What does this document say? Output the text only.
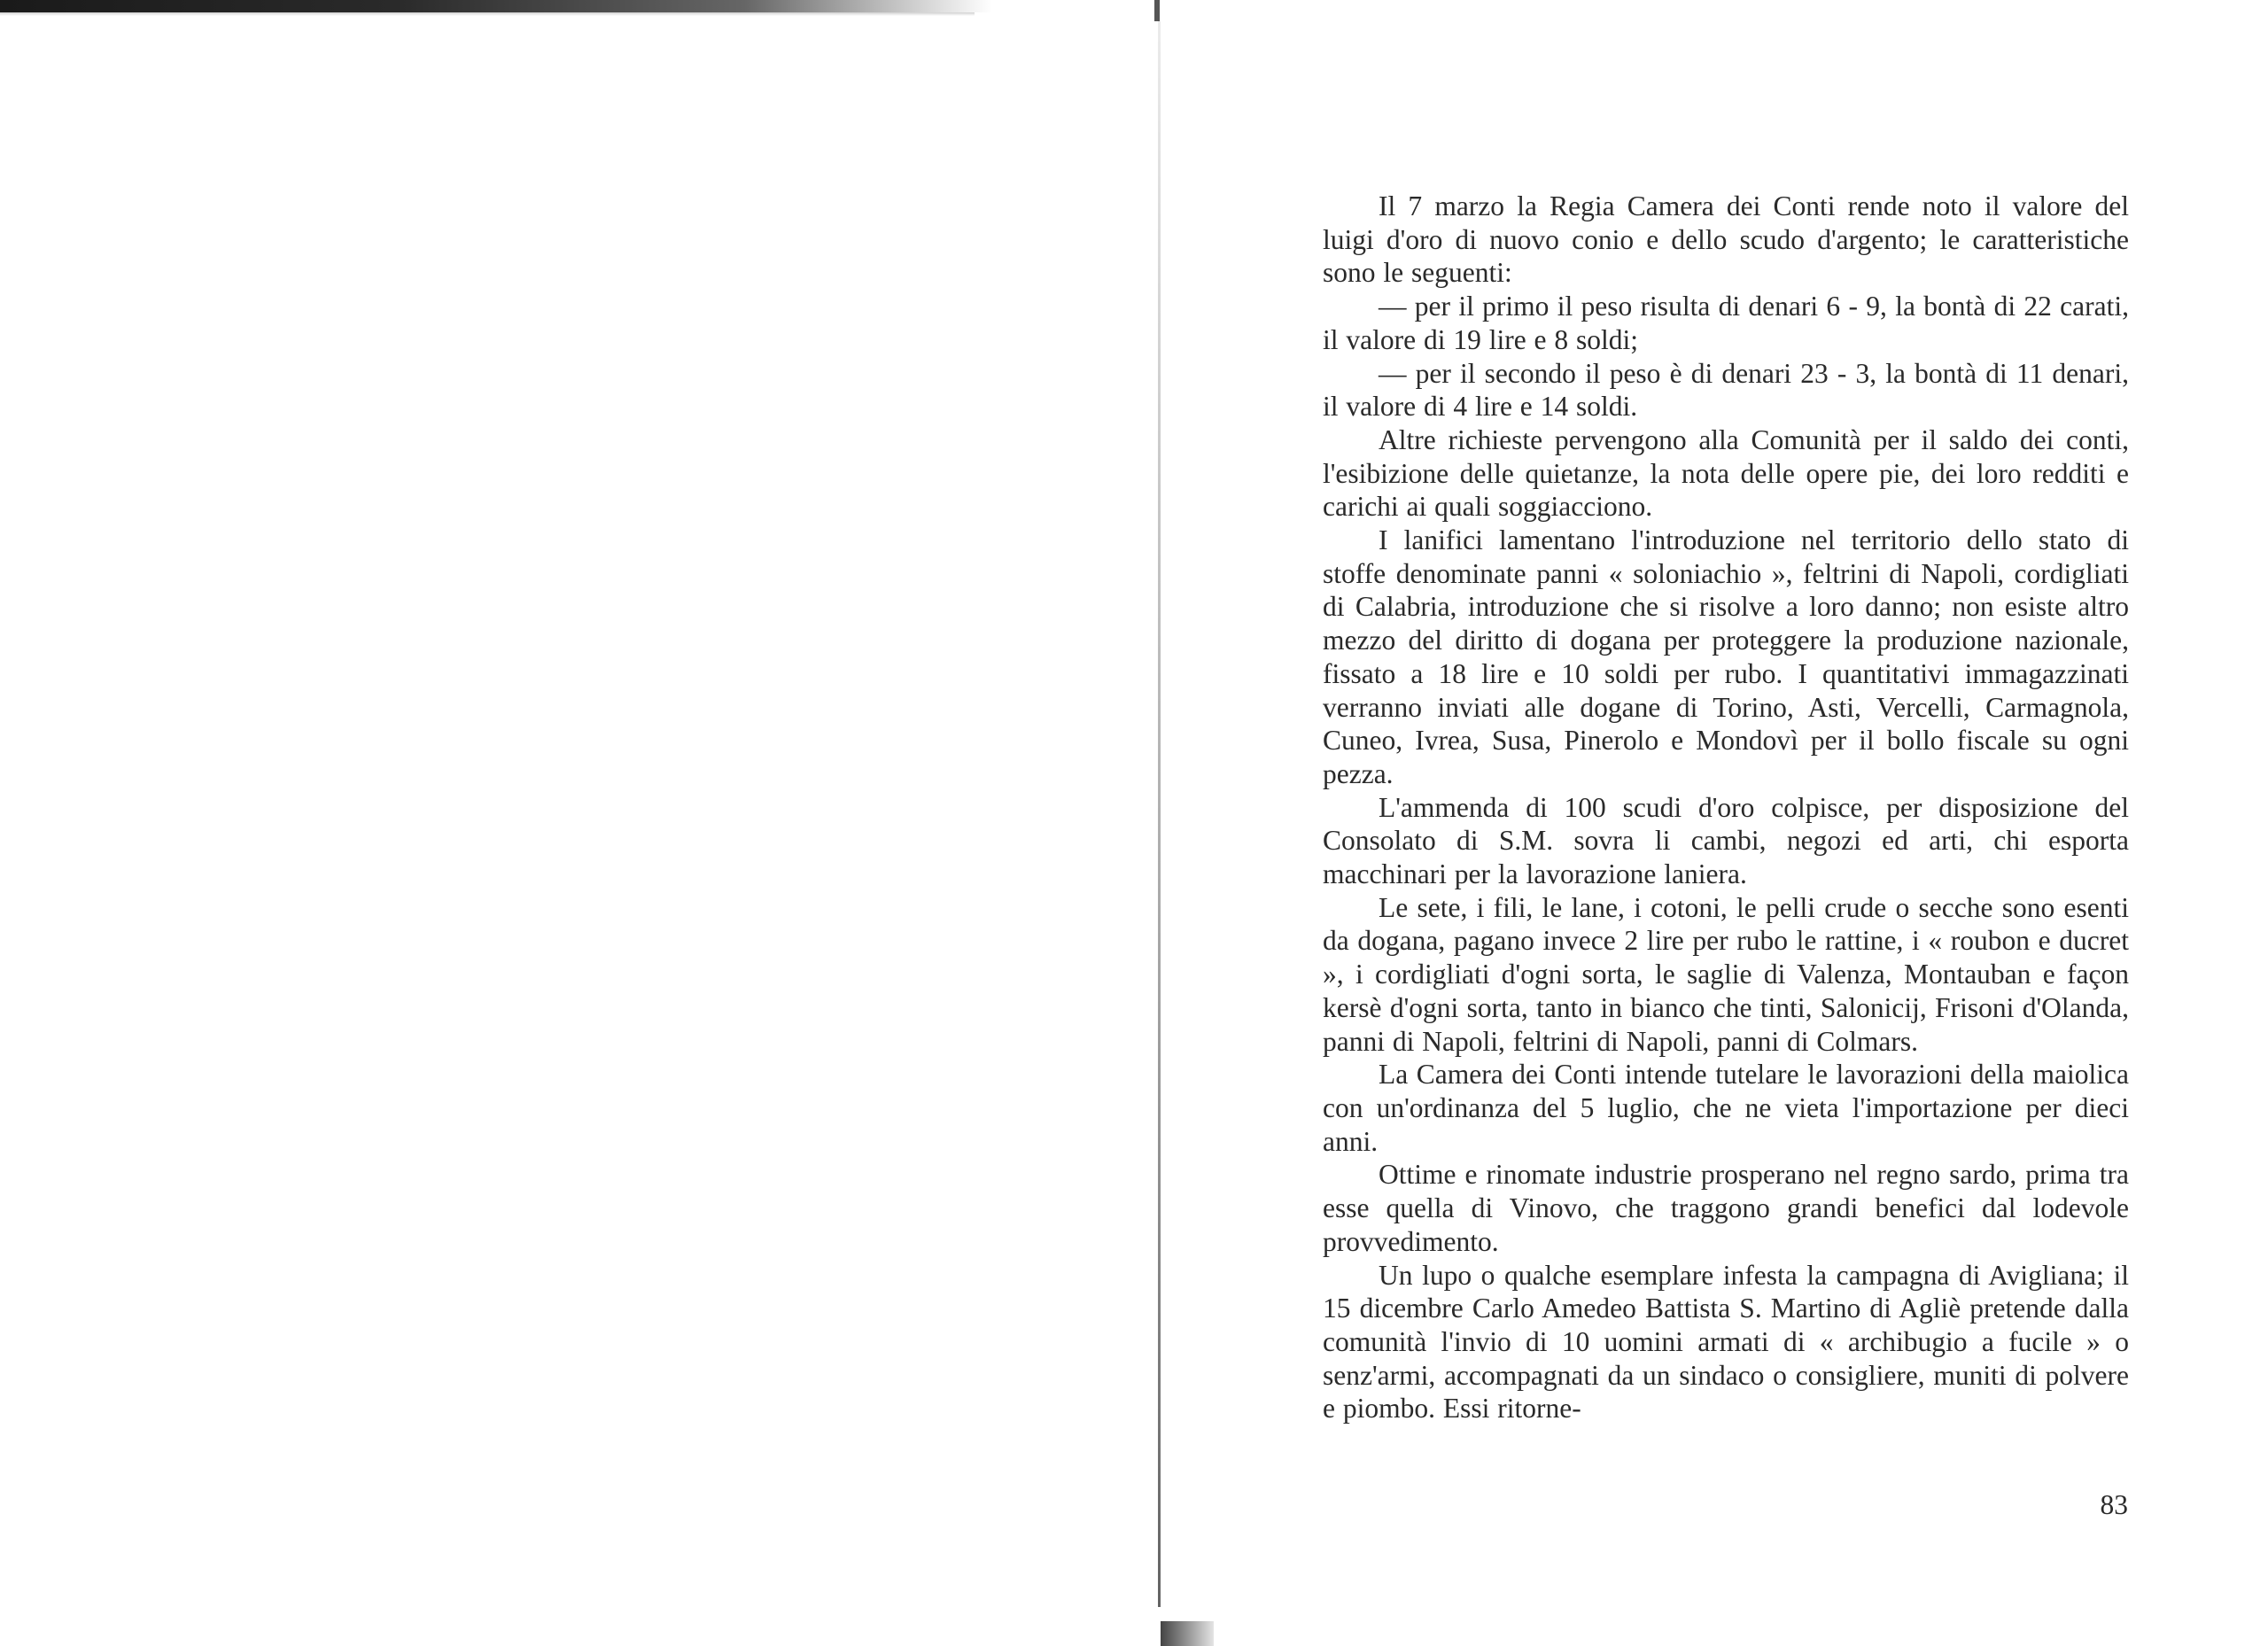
Il 7 marzo la Regia Camera dei Conti rende noto il valore del luigi d'oro di nuovo conio e dello scudo d'argento; le caratteristiche sono le seguenti:

— per il primo il peso risulta di denari 6 - 9, la bontà di 22 carati, il valore di 19 lire e 8 soldi;

— per il secondo il peso è di denari 23 - 3, la bontà di 11 denari, il valore di 4 lire e 14 soldi.

Altre richieste pervengono alla Comunità per il saldo dei conti, l'esibizione delle quietanze, la nota delle opere pie, dei loro redditi e carichi ai quali soggiacciono.

I lanifici lamentano l'introduzione nel territorio dello stato di stoffe denominate panni « soloniachio », feltrini di Napoli, cordigliati di Calabria, introduzione che si risolve a loro danno; non esiste altro mezzo del diritto di dogana per proteggere la produzione nazionale, fissato a 18 lire e 10 soldi per rubo. I quantitativi immagazzinati verranno inviati alle dogane di Torino, Asti, Vercelli, Carmagnola, Cuneo, Ivrea, Susa, Pinerolo e Mondovì per il bollo fiscale su ogni pezza.

L'ammenda di 100 scudi d'oro colpisce, per disposizione del Consolato di S.M. sovra li cambi, negozi ed arti, chi esporta macchinari per la lavorazione laniera.

Le sete, i fili, le lane, i cotoni, le pelli crude o secche sono esenti da dogana, pagano invece 2 lire per rubo le rattine, i « roubon e ducret », i cordigliati d'ogni sorta, le saglie di Valenza, Montauban e façon kersè d'ogni sorta, tanto in bianco che tinti, Salonicij, Frisoni d'Olanda, panni di Napoli, feltrini di Napoli, panni di Colmars.

La Camera dei Conti intende tutelare le lavorazioni della maiolica con un'ordinanza del 5 luglio, che ne vieta l'importazione per dieci anni.

Ottime e rinomate industrie prosperano nel regno sardo, prima tra esse quella di Vinovo, che traggono grandi benefici dal lodevole provvedimento.

Un lupo o qualche esemplare infesta la campagna di Avigliana; il 15 dicembre Carlo Amedeo Battista S. Martino di Agliè pretende dalla comunità l'invio di 10 uomini armati di « archibugio a fucile » o senz'armi, accompagnati da un sindaco o consigliere, muniti di polvere e piombo. Essi ritorne-

83
